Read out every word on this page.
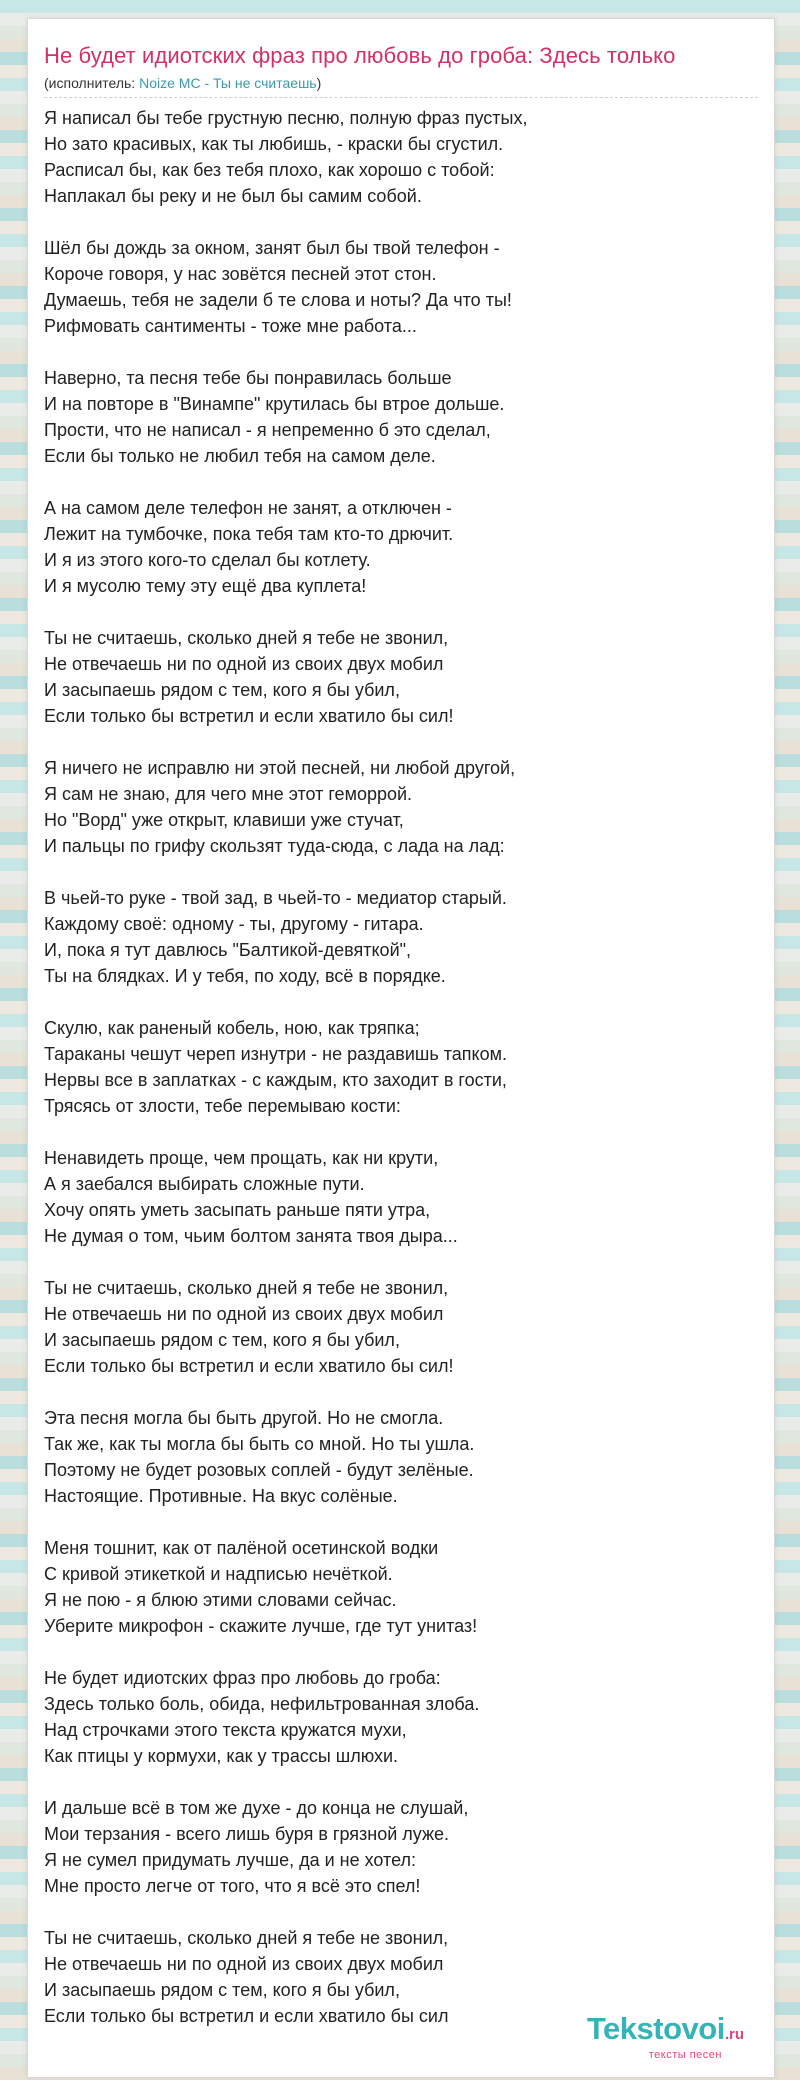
Не будет идиотских фраз про любовь до гроба: Здесь только
(исполнитель: Noize MC - Ты не считаешь)
Я написал бы тебе грустную песню, полную фраз пустых,
Но зато красивых, как ты любишь, - краски бы сгустил.
Расписал бы, как без тебя плохо, как хорошо с тобой:
Наплакал бы реку и не был бы самим собой.
Шёл бы дождь за окном, занят был бы твой телефон -
Короче говоря, у нас зовётся песней этот стон.
Думаешь, тебя не задели б те слова и ноты? Да что ты!
Рифмовать сантименты - тоже мне работа...
Наверно, та песня тебе бы понравилась больше
И на повторе в "Винампе" крутилась бы втрое дольше.
Прости, что не написал - я непременно б это сделал,
Если бы только не любил тебя на самом деле.
А на самом деле телефон не занят, а отключен -
Лежит на тумбочке, пока тебя там кто-то дрючит.
И я из этого кого-то сделал бы котлету.
И я мусолю тему эту ещё два куплета!
Ты не считаешь, сколько дней я тебе не звонил,
Не отвечаешь ни по одной из своих двух мобил
И засыпаешь рядом с тем, кого я бы убил,
Если только бы встретил и если хватило бы сил!
Я ничего не исправлю ни этой песней, ни любой другой,
Я сам не знаю, для чего мне этот геморрой.
Но "Ворд" уже открыт, клавиши уже стучат,
И пальцы по грифу скользят туда-сюда, с лада на лад:
В чьей-то руке - твой зад, в чьей-то - медиатор старый.
Каждому своё: одному - ты, другому - гитара.
И, пока я тут давлюсь "Балтикой-девяткой",
Ты на блядках. И у тебя, по ходу, всё в порядке.
Скулю, как раненый кобель, ною, как тряпка;
Тараканы чешут череп изнутри - не раздавишь тапком.
Нервы все в заплатках - с каждым, кто заходит в гости,
Трясясь от злости, тебе перемываю кости:
Ненавидеть проще, чем прощать, как ни крути,
А я заебался выбирать сложные пути.
Хочу опять уметь засыпать раньше пяти утра,
Не думая о том, чьим болтом занята твоя дыра...
Ты не считаешь, сколько дней я тебе не звонил,
Не отвечаешь ни по одной из своих двух мобил
И засыпаешь рядом с тем, кого я бы убил,
Если только бы встретил и если хватило бы сил!
Эта песня могла бы быть другой. Но не смогла.
Так же, как ты могла бы быть со мной. Но ты ушла.
Поэтому не будет розовых соплей - будут зелёные.
Настоящие. Противные. На вкус солёные.
Меня тошнит, как от палёной осетинской водки
С кривой этикеткой и надписью нечёткой.
Я не пою - я блюю этими словами сейчас.
Уберите микрофон - скажите лучше, где тут унитаз!
Не будет идиотских фраз про любовь до гроба:
Здесь только боль, обида, нефильтрованная злоба.
Над строчками этого текста кружатся мухи,
Как птицы у кормухи, как у трассы шлюхи.
И дальше всё в том же духе - до конца не слушай,
Мои терзания - всего лишь буря в грязной луже.
Я не сумел придумать лучше, да и не хотел:
Мне просто легче от того, что я всё это спел!
Ты не считаешь, сколько дней я тебе не звонил,
Не отвечаешь ни по одной из своих двух мобил
И засыпаешь рядом с тем, кого я бы убил,
Если только бы встретил и если хватило бы сил	Tekstovoi.ru
тексты песен
